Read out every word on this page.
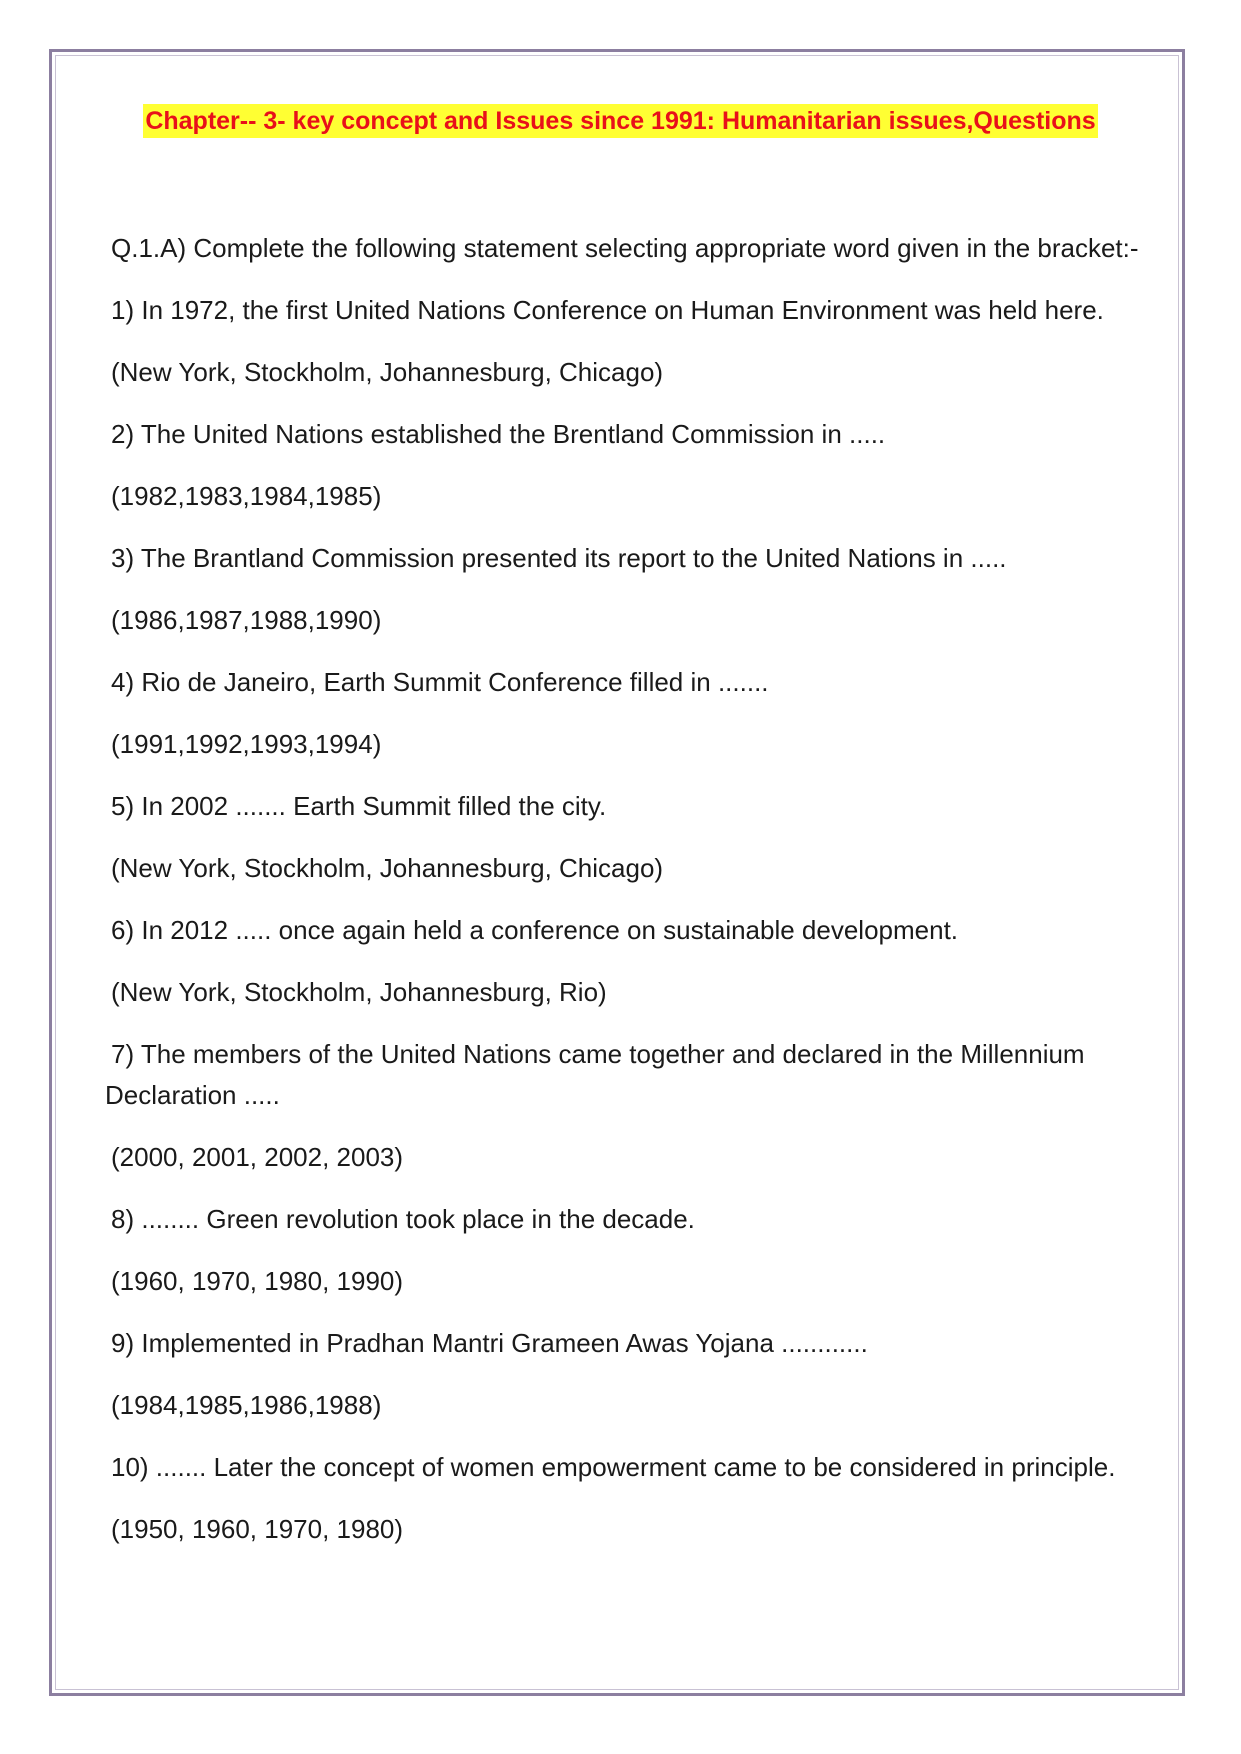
Chapter-- 3- key concept and Issues since 1991: Humanitarian issues,Questions
Q.1.A) Complete the following statement selecting appropriate word given in the bracket:-
1) In 1972, the first United Nations Conference on Human Environment was held here.
(New York, Stockholm, Johannesburg, Chicago)
2) The United Nations established the Brentland Commission in .....
(1982,1983,1984,1985)
3) The Brantland Commission presented its report to the United Nations in .....
(1986,1987,1988,1990)
4) Rio de Janeiro, Earth Summit Conference filled in .......
(1991,1992,1993,1994)
5) In 2002 ....... Earth Summit filled the city.
(New York, Stockholm, Johannesburg, Chicago)
6) In 2012 ..... once again held a conference on sustainable development.
(New York, Stockholm, Johannesburg, Rio)
7) The members of the United Nations came together and declared in the Millennium Declaration .....
(2000, 2001, 2002, 2003)
8) ........ Green revolution took place in the decade.
(1960, 1970, 1980, 1990)
9) Implemented in Pradhan Mantri Grameen Awas Yojana ............
(1984,1985,1986,1988)
10) ....... Later the concept of women empowerment came to be considered in principle.
(1950, 1960, 1970, 1980)
